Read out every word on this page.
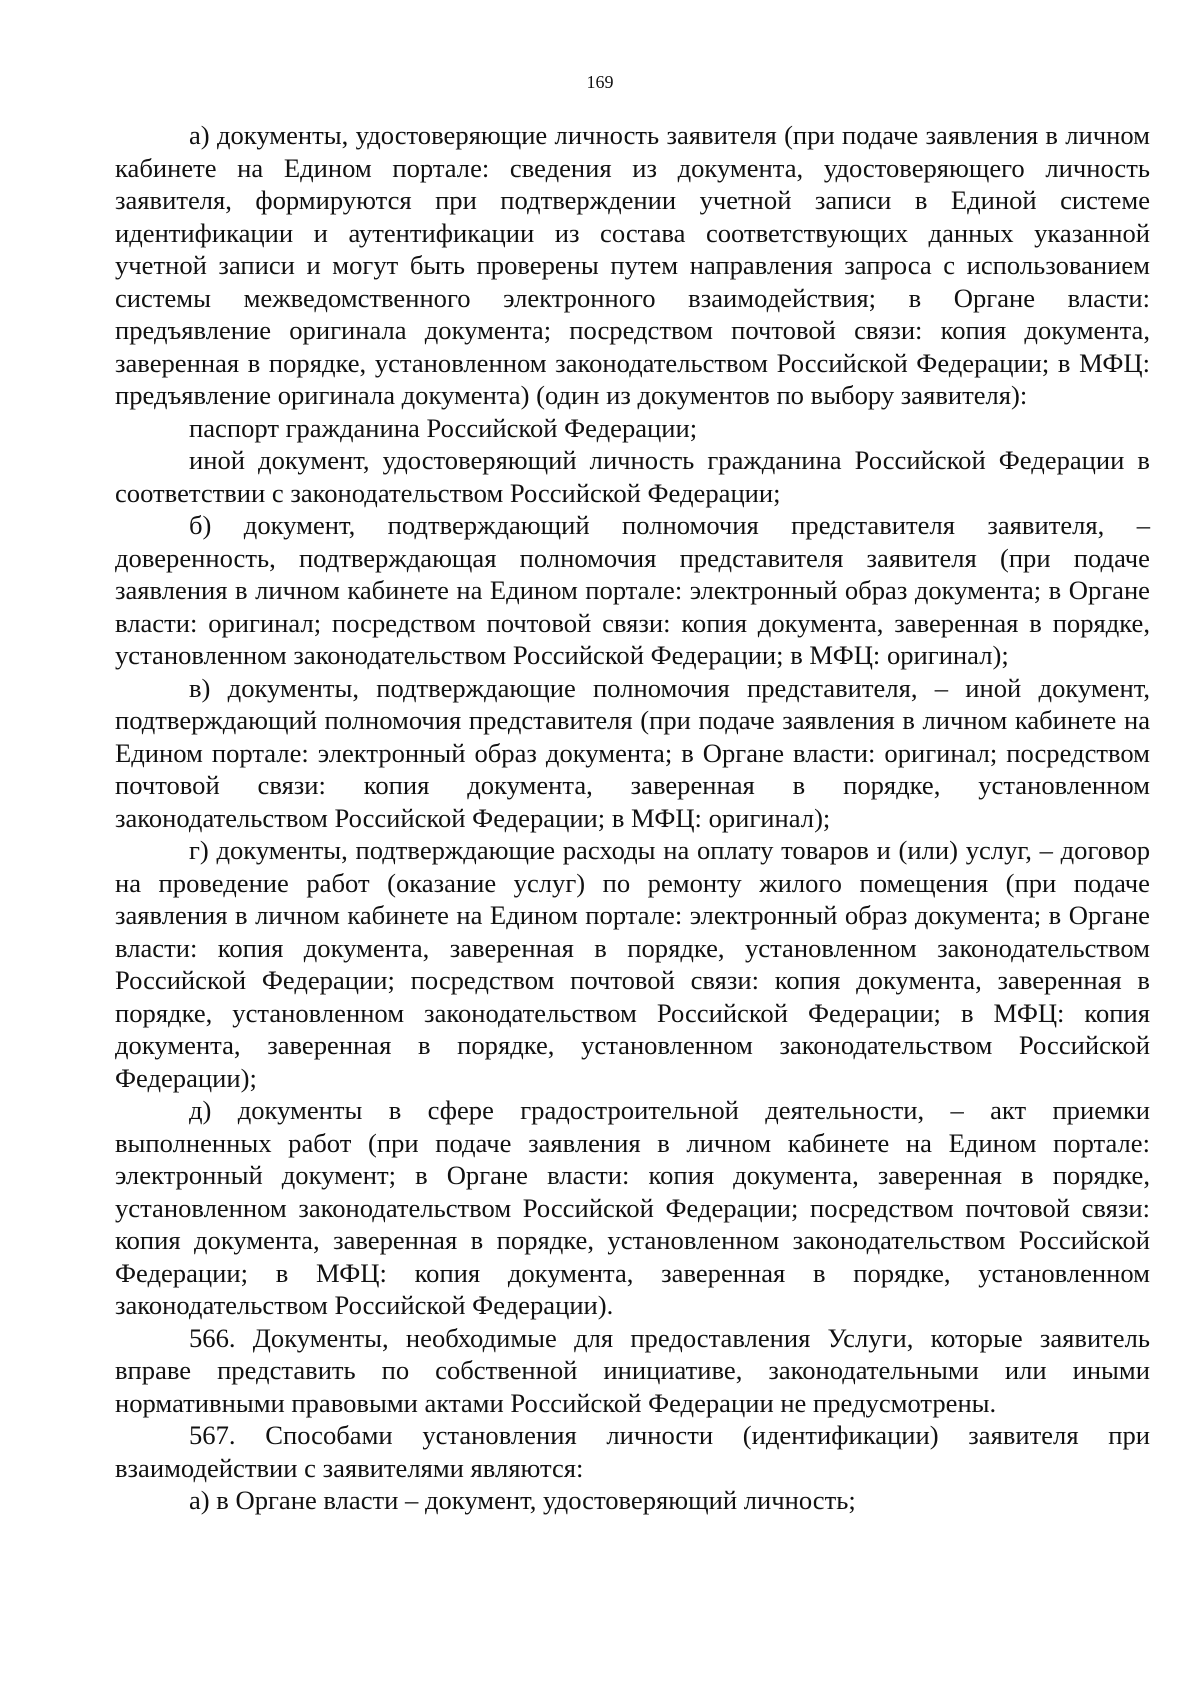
169

а) документы, удостоверяющие личность заявителя (при подаче заявления в личном кабинете на Едином портале: сведения из документа, удостоверяющего личность заявителя, формируются при подтверждении учетной записи в Единой системе идентификации и аутентификации из состава соответствующих данных указанной учетной записи и могут быть проверены путем направления запроса с использованием системы межведомственного электронного взаимодействия; в Органе власти: предъявление оригинала документа; посредством почтовой связи: копия документа, заверенная в порядке, установленном законодательством Российской Федерации; в МФЦ: предъявление оригинала документа) (один из документов по выбору заявителя):

паспорт гражданина Российской Федерации;

иной документ, удостоверяющий личность гражданина Российской Федерации в соответствии с законодательством Российской Федерации;

б) документ, подтверждающий полномочия представителя заявителя, – доверенность, подтверждающая полномочия представителя заявителя (при подаче заявления в личном кабинете на Едином портале: электронный образ документа; в Органе власти: оригинал; посредством почтовой связи: копия документа, заверенная в порядке, установленном законодательством Российской Федерации; в МФЦ: оригинал);

в) документы, подтверждающие полномочия представителя, – иной документ, подтверждающий полномочия представителя (при подаче заявления в личном кабинете на Едином портале: электронный образ документа; в Органе власти: оригинал; посредством почтовой связи: копия документа, заверенная в порядке, установленном законодательством Российской Федерации; в МФЦ: оригинал);

г) документы, подтверждающие расходы на оплату товаров и (или) услуг, – договор на проведение работ (оказание услуг) по ремонту жилого помещения (при подаче заявления в личном кабинете на Едином портале: электронный образ документа; в Органе власти: копия документа, заверенная в порядке, установленном законодательством Российской Федерации; посредством почтовой связи: копия документа, заверенная в порядке, установленном законодательством Российской Федерации; в МФЦ: копия документа, заверенная в порядке, установленном законодательством Российской Федерации);

д) документы в сфере градостроительной деятельности, – акт приемки выполненных работ (при подаче заявления в личном кабинете на Едином портале: электронный документ; в Органе власти: копия документа, заверенная в порядке, установленном законодательством Российской Федерации; посредством почтовой связи: копия документа, заверенная в порядке, установленном законодательством Российской Федерации; в МФЦ: копия документа, заверенная в порядке, установленном законодательством Российской Федерации).

566. Документы, необходимые для предоставления Услуги, которые заявитель вправе представить по собственной инициативе, законодательными или иными нормативными правовыми актами Российской Федерации не предусмотрены.

567. Способами установления личности (идентификации) заявителя при взаимодействии с заявителями являются:

а) в Органе власти – документ, удостоверяющий личность;
